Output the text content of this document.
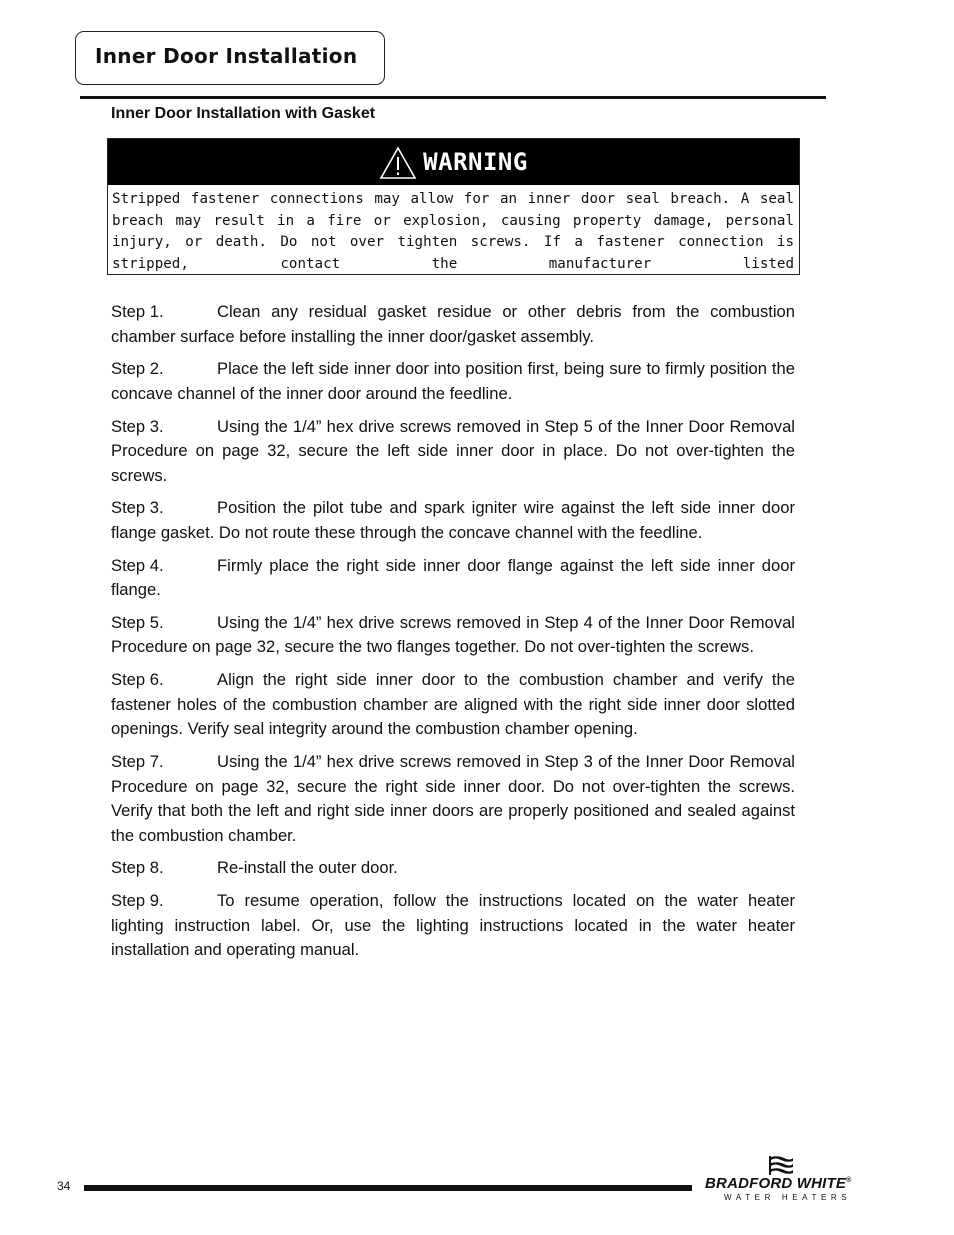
Inner Door Installation
Inner Door Installation with Gasket
WARNING
Stripped fastener connections may allow for an inner door seal breach. A seal breach may result in a fire or explosion, causing property damage, personal injury, or death. Do not over tighten screws. If a fastener connection is stripped, contact the manufacturer listed

Step 1.	Clean any residual gasket residue or other debris from the combustion chamber surface before installing the inner door/gasket assembly.

Step 2.	Place the left side inner door into position first, being sure to firmly position the concave channel of the inner door around the feedline.

Step 3.	Using the 1/4” hex drive screws removed in Step 5 of the Inner Door Removal Procedure on page 32, secure the left side inner door in place. Do not over-tighten the screws.

Step 3.	Position the pilot tube and spark igniter wire against the left side inner door flange gasket. Do not route these through the concave channel with the feedline.

Step 4.	Firmly place the right side inner door flange against the left side inner door flange.

Step 5.	Using the 1/4” hex drive screws removed in Step 4 of the Inner Door Removal Procedure on page 32, secure the two flanges together. Do not over-tighten the screws.

Step 6.	Align the right side inner door to the combustion chamber and verify the fastener holes of the combustion chamber are aligned with the right side inner door slotted openings. Verify seal integrity around the combustion chamber opening.

Step 7.	Using the 1/4” hex drive screws removed in Step 3 of the Inner Door Removal Procedure on page 32, secure the right side inner door. Do not over-tighten the screws. Verify that both the left and right side inner doors are properly positioned and sealed against the combustion chamber.

Step 8.	Re-install the outer door.

Step 9.	To resume operation, follow the instructions located on the water heater lighting instruction label. Or, use the lighting instructions located in the water heater installation and operating manual.

34	BRADFORD WHITE®
WATER HEATERS
